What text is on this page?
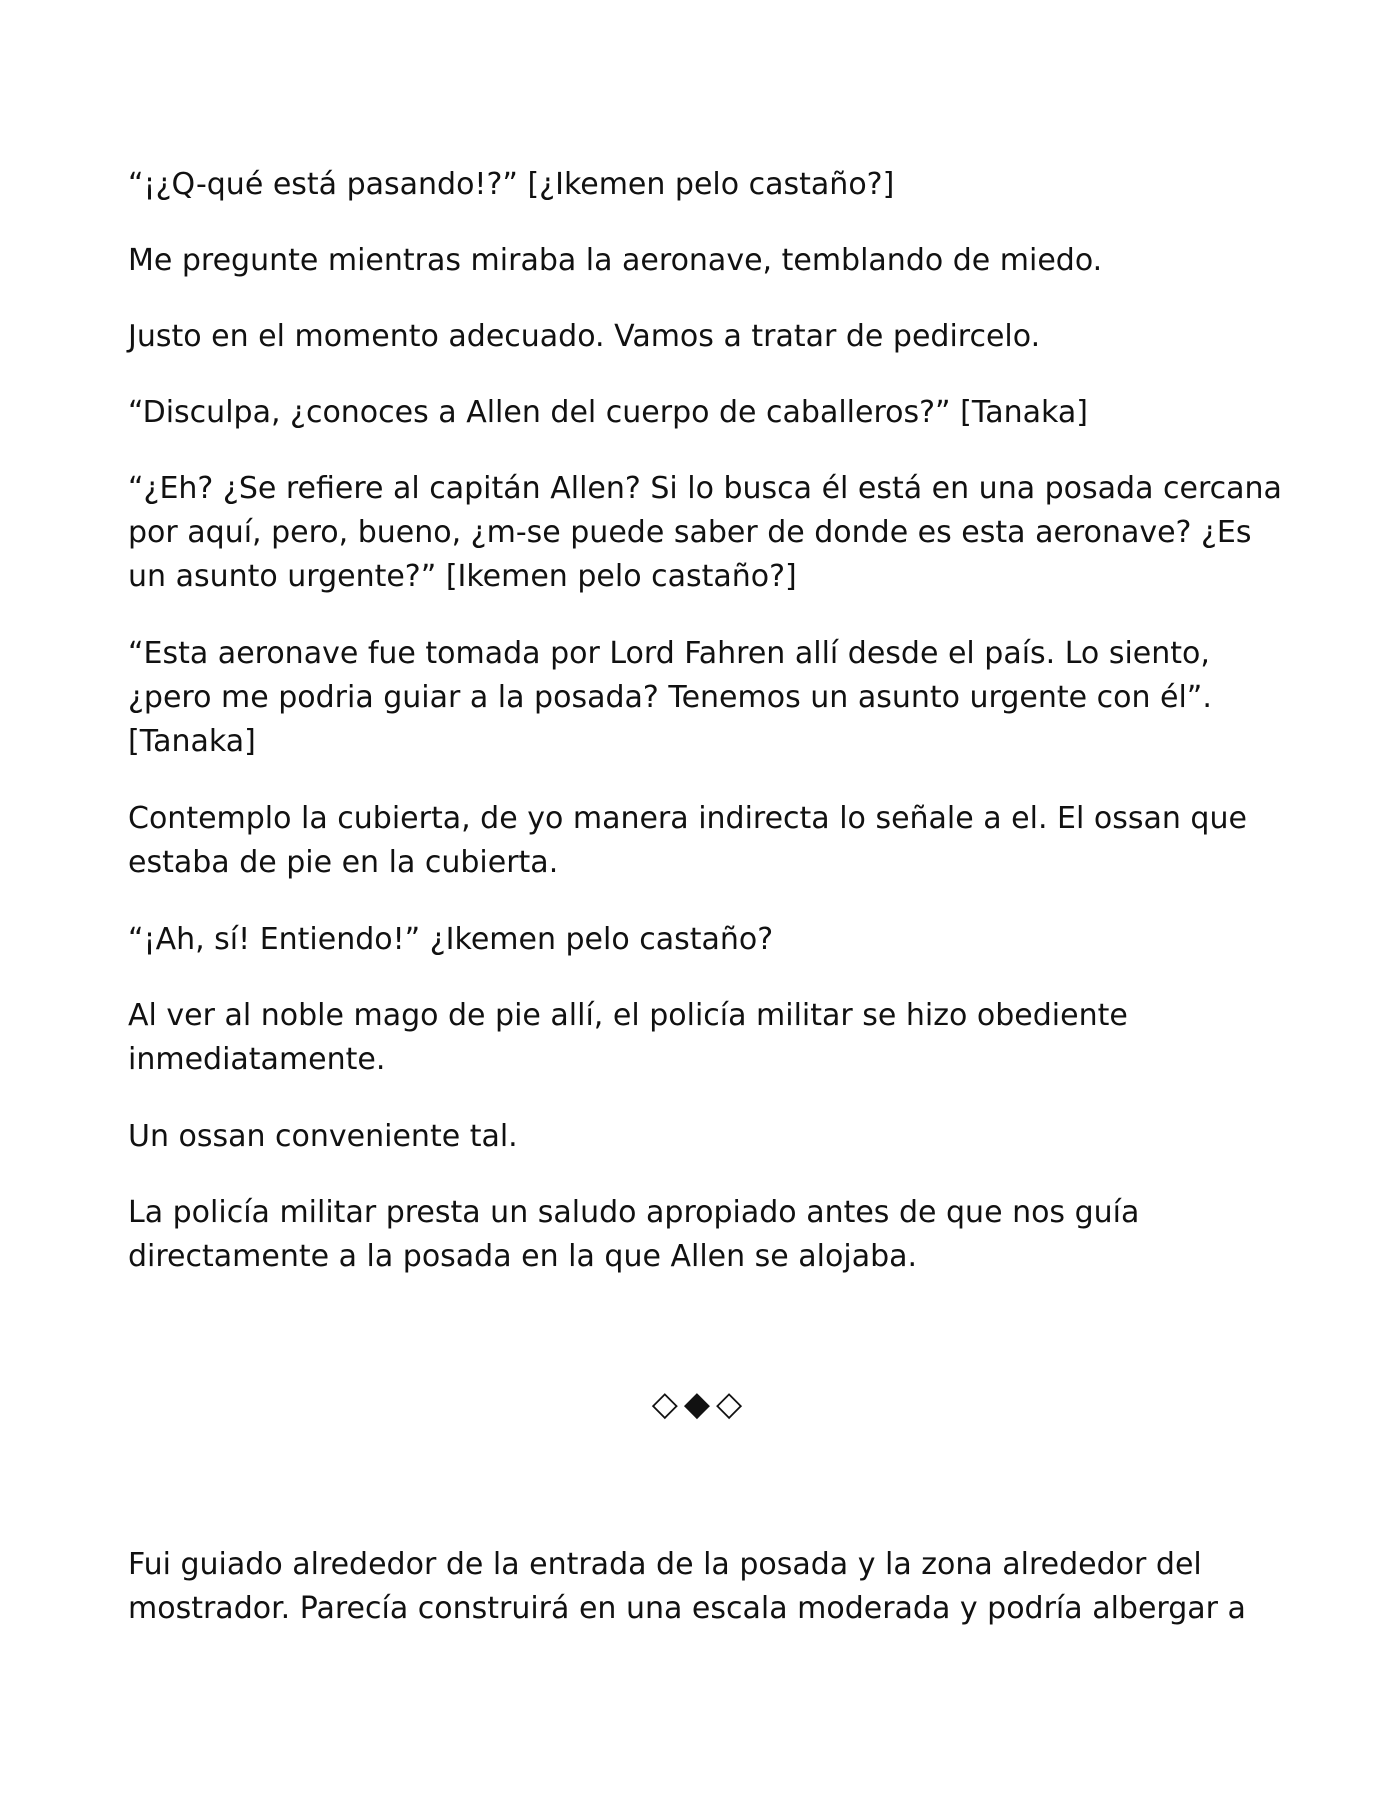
“¡¿Q-qué está pasando!?” [¿Ikemen pelo castaño?]

Me pregunte mientras miraba la aeronave, temblando de miedo.

Justo en el momento adecuado. Vamos a tratar de pedircelo.

“Disculpa, ¿conoces a Allen del cuerpo de caballeros?” [Tanaka]

“¿Eh? ¿Se refiere al capitán Allen? Si lo busca él está en una posada cercana por aquí, pero, bueno, ¿m-se puede saber de donde es esta aeronave? ¿Es un asunto urgente?” [Ikemen pelo castaño?]

“Esta aeronave fue tomada por Lord Fahren allí desde el país. Lo siento, ¿pero me podria guiar a la posada? Tenemos un asunto urgente con él”. [Tanaka]

Contemplo la cubierta, de yo manera indirecta lo señale a el. El ossan que estaba de pie en la cubierta.

“¡Ah, sí! Entiendo!” ¿Ikemen pelo castaño?

Al ver al noble mago de pie allí, el policía militar se hizo obediente inmediatamente.

Un ossan conveniente tal.

La policía militar presta un saludo apropiado antes de que nos guía directamente a la posada en la que Allen se alojaba.

◇◆◇

Fui guiado alrededor de la entrada de la posada y la zona alrededor del mostrador. Parecía construirá en una escala moderada y podría albergar a
